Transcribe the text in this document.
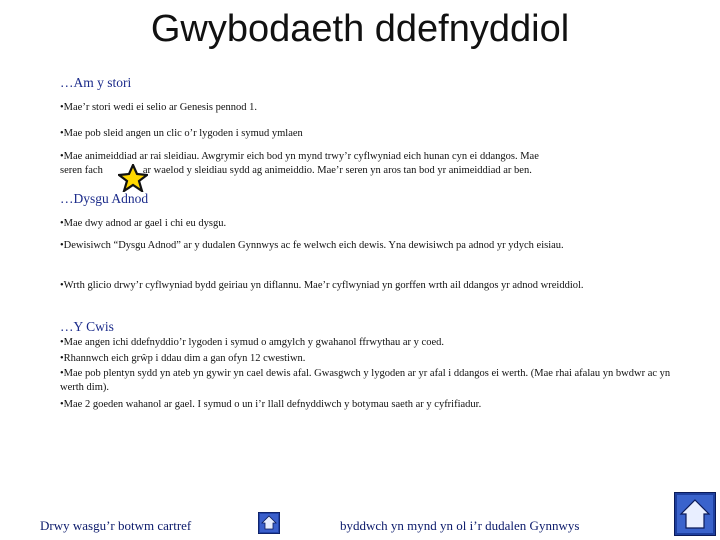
Gwybodaeth ddefnyddiol
…Am y stori
•Mae’r stori wedi ei selio ar Genesis pennod 1.
•Mae pob sleid angen un clic o’r lygoden i symud ymlaen
•Mae animeiddiad ar rai sleidiau. Awgrymir eich bod yn mynd trwy’r cyflwyniad eich hunan cyn ei ddangos. Mae
seren fach	ar waelod y sleidiau sydd ag animeiddio. Mae’r seren yn aros tan bod yr animeiddiad ar ben.
…Dysgu Adnod
•Mae dwy adnod ar gael i chi eu dysgu.
•Dewisiwch “Dysgu Adnod” ar y dudalen Gynnwys ac fe welwch eich dewis. Yna dewisiwch pa adnod yr ydych eisiau.
•Wrth glicio drwy’r cyflwyniad bydd geiriau yn diflannu. Mae’r cyflwyniad yn gorffen wrth ail ddangos yr adnod wreiddiol.
…Y Cwis
•Mae angen ichi ddefnyddio’r lygoden i symud o amgylch y gwahanol ffrwythau ar y coed.
•Rhannwch eich grŵp i ddau dim a gan ofyn 12 cwestiwn.
•Mae pob plentyn sydd yn ateb yn gywir yn cael dewis afal. Gwasgwch y lygoden ar yr afal i ddangos ei werth. (Mae rhai afalau yn bwdwr ac yn werth dim).
•Mae 2 goeden wahanol ar gael. I symud o un i’r llall defnyddiwch y botymau saeth ar y cyfrifiadur.
Drwy wasgu’r botwm cartref	byddwch yn mynd yn ol i’r dudalen Gynnwys
